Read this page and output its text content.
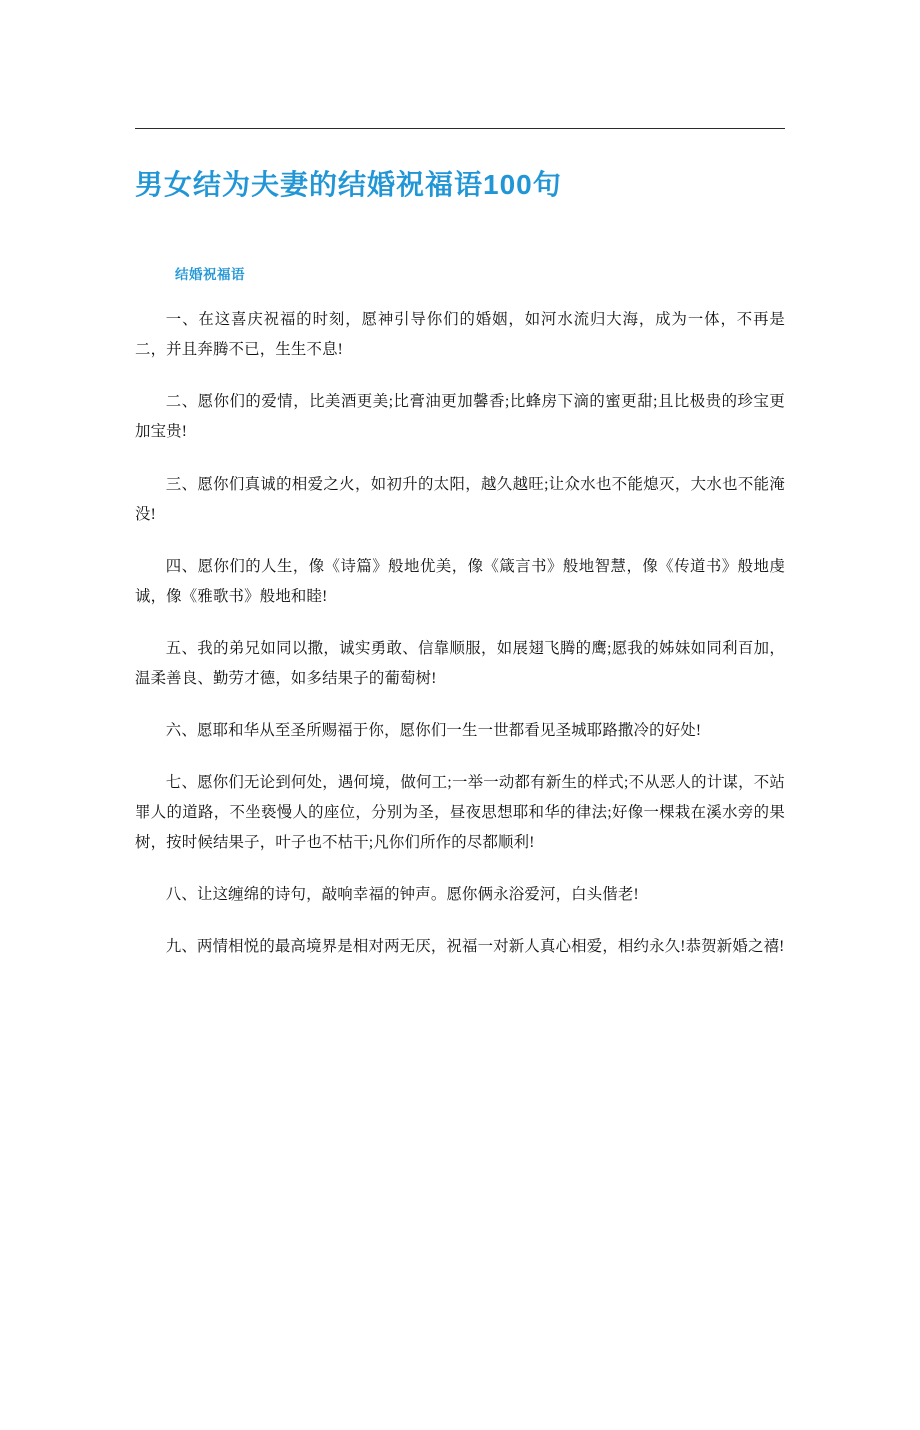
男女结为夫妻的结婚祝福语100句
结婚祝福语

一、在这喜庆祝福的时刻，愿神引导你们的婚姻，如河水流归大海，成为一体，不再是 二，并且奔腾不已，生生不息!

二、愿你们的爱情，比美酒更美;比膏油更加馨香;比蜂房下滴的蜜更甜;且比极贵的珍宝更加宝贵!

三、愿你们真诚的相爱之火，如初升的太阳，越久越旺;让众水也不能熄灭，大水也不能淹没!

四、愿你们的人生，像《诗篇》般地优美，像《箴言书》般地智慧，像《传道书》般地虔诚，像《雅歌书》般地和睦!

五、我的弟兄如同以撒，诚实勇敢、信靠顺服，如展翅飞腾的鹰;愿我的姊妹如同利百加，温柔善良、勤劳才德，如多结果子的葡萄树!

六、愿耶和华从至圣所赐福于你，愿你们一生一世都看见圣城耶路撒冷的好处!

七、愿你们无论到何处，遇何境，做何工;一举一动都有新生的样式;不从恶人的计谋，不站罪人的道路，不坐亵慢人的座位，分别为圣，昼夜思想耶和华的律法;好像一棵栽在溪水旁的果树，按时候结果子，叶子也不枯干;凡你们所作的尽都顺利!

八、让这缠绵的诗句，敲响幸福的钟声。愿你俩永浴爱河，白头偕老!

九、两情相悦的最高境界是相对两无厌，祝福一对新人真心相爱，相约永久!恭贺新婚之禧!
